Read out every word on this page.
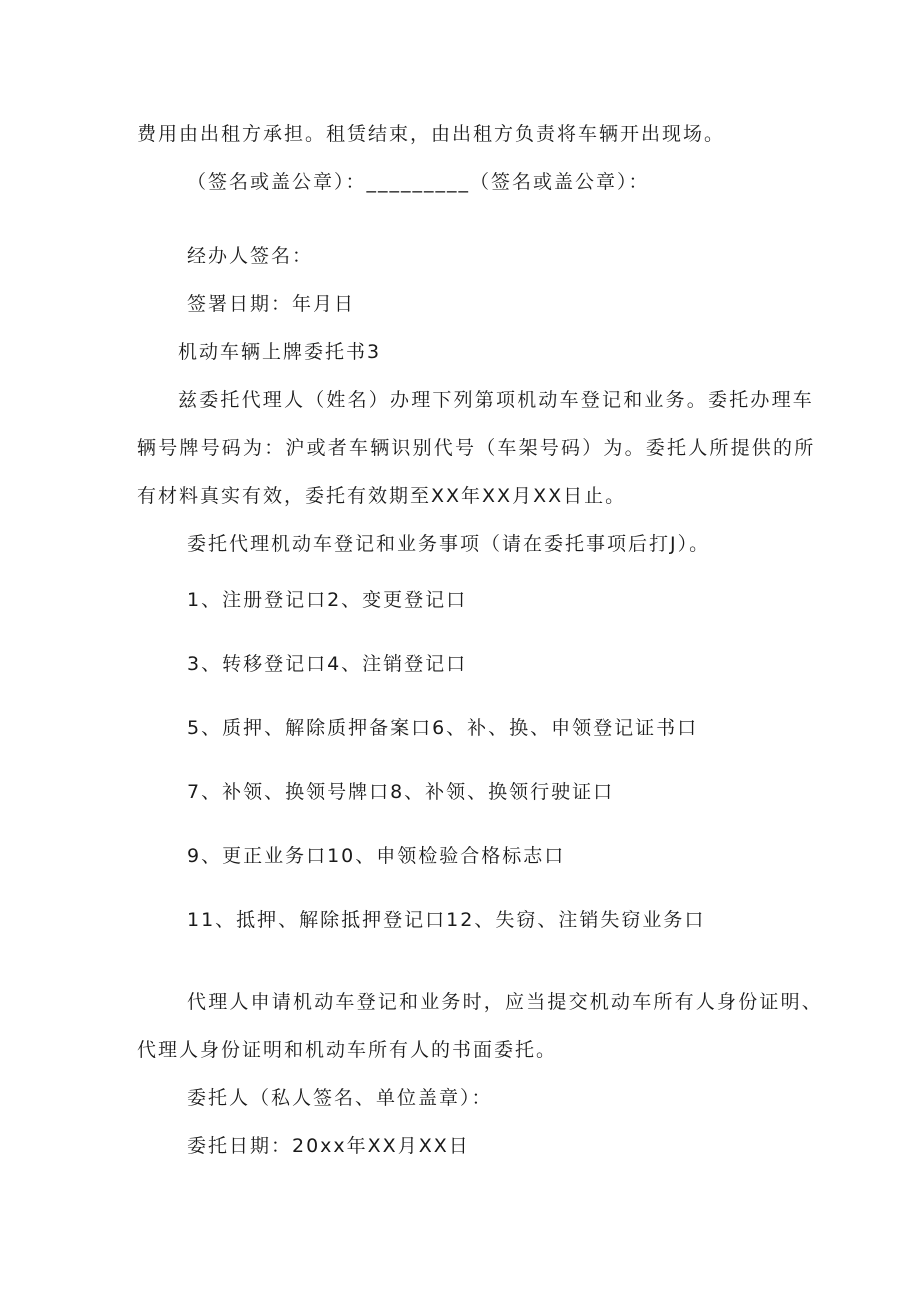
费用由出租方承担。租赁结束，由出租方负责将车辆开出现场。
（签名或盖公章）：_________（签名或盖公章）：
经办人签名：
签署日期：年月日
机动车辆上牌委托书3
兹委托代理人（姓名）办理下列第项机动车登记和业务。委托办理车
辆号牌号码为：沪或者车辆识别代号（车架号码）为。委托人所提供的所
有材料真实有效，委托有效期至XX年XX月XX日止。
委托代理机动车登记和业务事项（请在委托事项后打J）。
1、注册登记口2、变更登记口
3、转移登记口4、注销登记口
5、质押、解除质押备案口6、补、换、申领登记证书口
7、补领、换领号牌口8、补领、换领行驶证口
9、更正业务口10、申领检验合格标志口
11、抵押、解除抵押登记口12、失窃、注销失窃业务口
代理人申请机动车登记和业务时，应当提交机动车所有人身份证明、
代理人身份证明和机动车所有人的书面委托。
委托人（私人签名、单位盖章）：
委托日期：20xx年XX月XX日
